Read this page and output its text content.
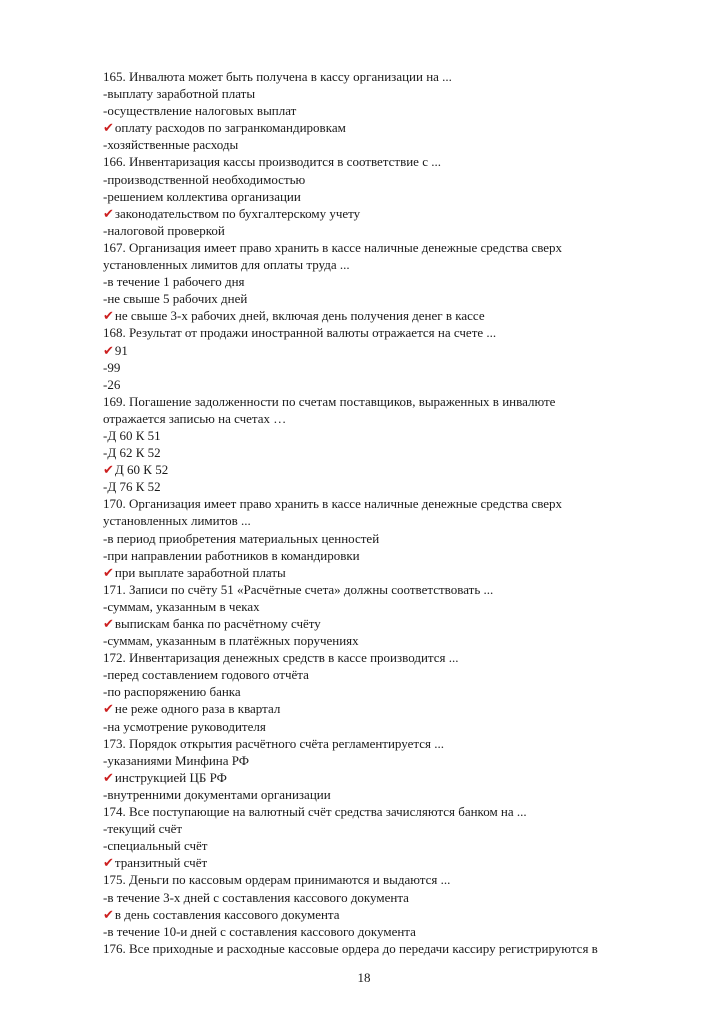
165. Инвалюта может быть получена в кассу организации на ...
-выплату заработной платы
-осуществление налоговых выплат
✔оплату расходов по загранкомандировкам
-хозяйственные расходы
166. Инвентаризация кассы производится в соответствие с ...
-производственной необходимостью
-решением коллектива организации
✔законодательством по бухгалтерскому учету
-налоговой проверкой
167. Организация имеет право хранить в кассе наличные денежные средства сверх
установленных лимитов для оплаты труда ...
-в течение 1 рабочего дня
-не свыше 5 рабочих дней
✔не свыше 3-х рабочих дней, включая день получения денег в кассе
168. Результат от продажи иностранной валюты отражается на счете ...
✔91
-99
-26
169. Погашение задолженности по счетам поставщиков, выраженных в инвалюте
отражается записью на счетах …
-Д 60 К 51
-Д 62 К 52
✔Д 60 К 52
-Д 76 К 52
170. Организация имеет право хранить в кассе наличные денежные средства сверх
установленных лимитов ...
-в период приобретения материальных ценностей
-при направлении работников в командировки
✔при выплате заработной платы
171. Записи по счёту 51 «Расчётные счета» должны соответствовать ...
-суммам, указанным в чеках
✔выпискам банка по расчётному счёту
-суммам, указанным в платёжных поручениях
172. Инвентаризация денежных средств в кассе производится ...
-перед составлением годового отчёта
-по распоряжению банка
✔не реже одного раза в квартал
-на усмотрение руководителя
173. Порядок открытия расчётного счёта регламентируется ...
-указаниями Минфина РФ
✔инструкцией ЦБ РФ
-внутренними документами организации
174. Все поступающие на валютный счёт средства зачисляются банком на ...
-текущий счёт
-специальный счёт
✔транзитный счёт
175. Деньги по кассовым ордерам принимаются и выдаются ...
-в течение 3-х дней с составления кассового документа
✔в день составления кассового документа
-в течение 10-и дней с составления кассового документа
176. Все приходные и расходные кассовые ордера до передачи кассиру регистрируются в
18
